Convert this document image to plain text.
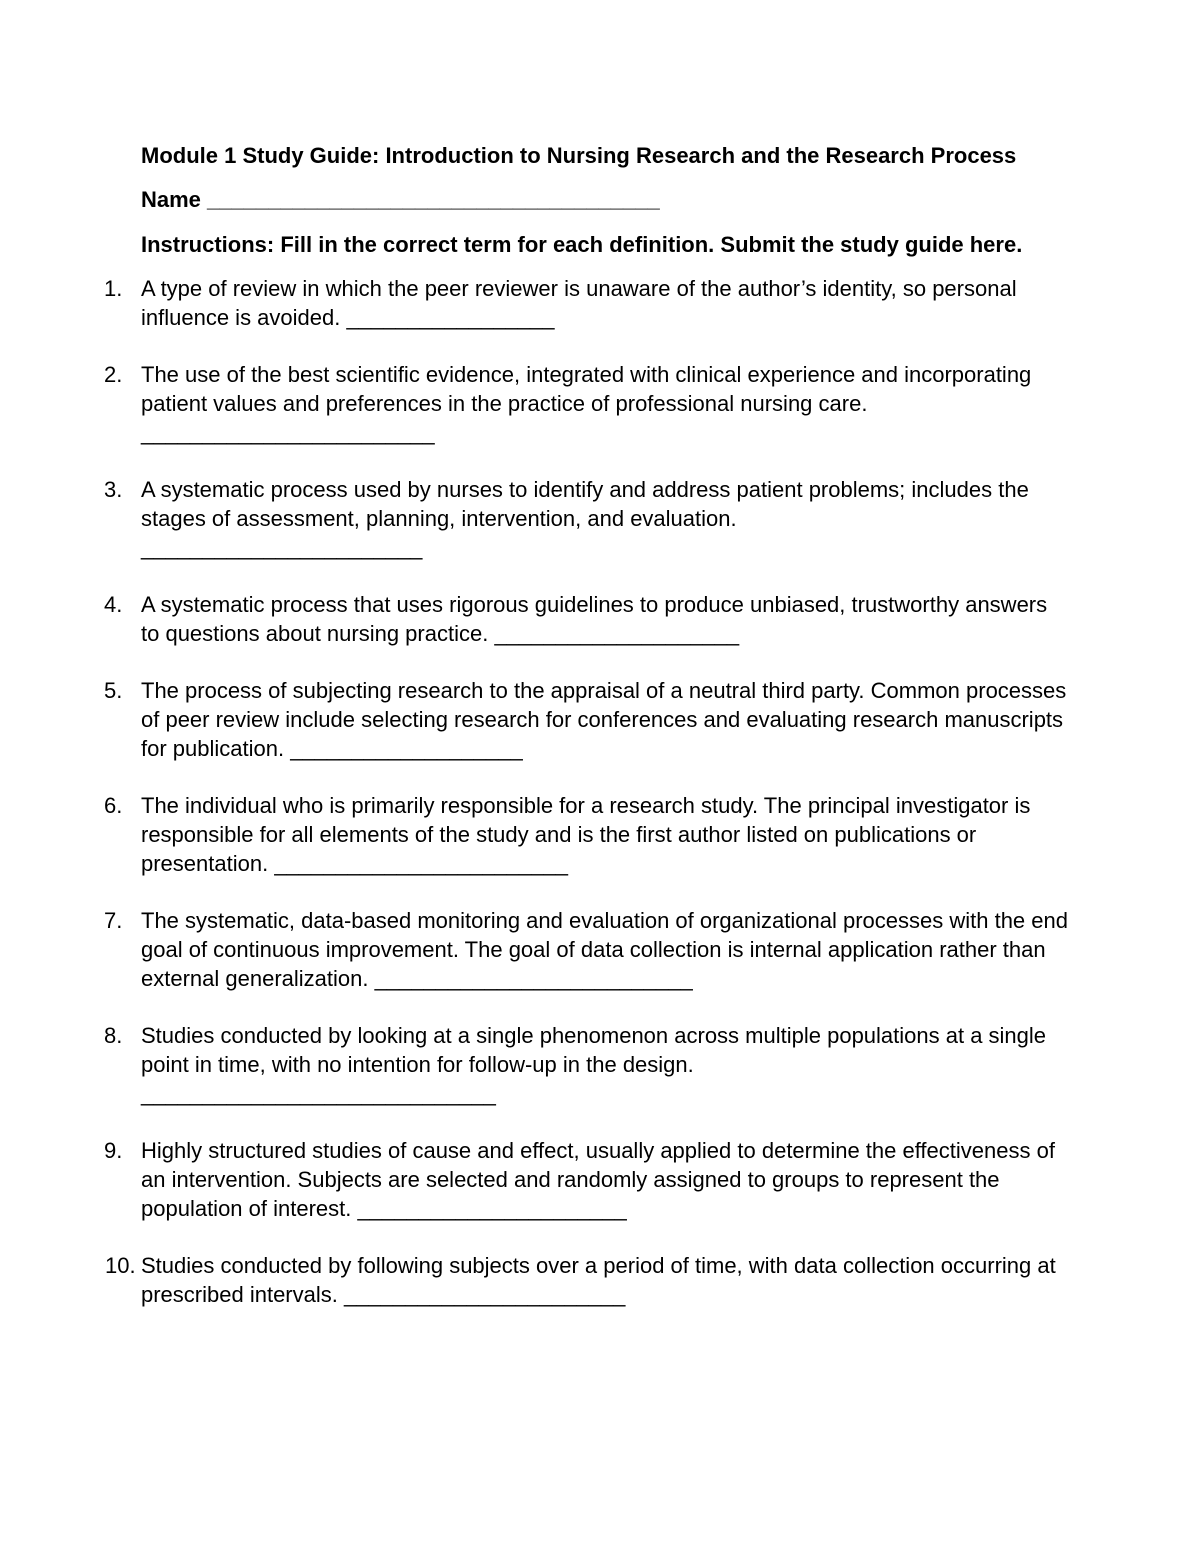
Module 1 Study Guide: Introduction to Nursing Research and the Research Process
Name _____________________________________
Instructions: Fill in the correct term for each definition. Submit the study guide here.
1. A type of review in which the peer reviewer is unaware of the author’s identity, so personal influence is avoided. _________________
2. The use of the best scientific evidence, integrated with clinical experience and incorporating patient values and preferences in the practice of professional nursing care. ________________________
3. A systematic process used by nurses to identify and address patient problems; includes the stages of assessment, planning, intervention, and evaluation.
_______________________
4. A systematic process that uses rigorous guidelines to produce unbiased, trustworthy answers to questions about nursing practice. ____________________
5. The process of subjecting research to the appraisal of a neutral third party. Common processes of peer review include selecting research for conferences and evaluating research manuscripts for publication. ___________________
6. The individual who is primarily responsible for a research study. The principal investigator is responsible for all elements of the study and is the first author listed on publications or presentation. ________________________
7. The systematic, data-based monitoring and evaluation of organizational processes with the end goal of continuous improvement. The goal of data collection is internal application rather than external generalization. __________________________
8. Studies conducted by looking at a single phenomenon across multiple populations at a single point in time, with no intention for follow-up in the design.
_____________________________
9. Highly structured studies of cause and effect, usually applied to determine the effectiveness of an intervention. Subjects are selected and randomly assigned to groups to represent the population of interest. ______________________
10. Studies conducted by following subjects over a period of time, with data collection occurring at prescribed intervals. _______________________
